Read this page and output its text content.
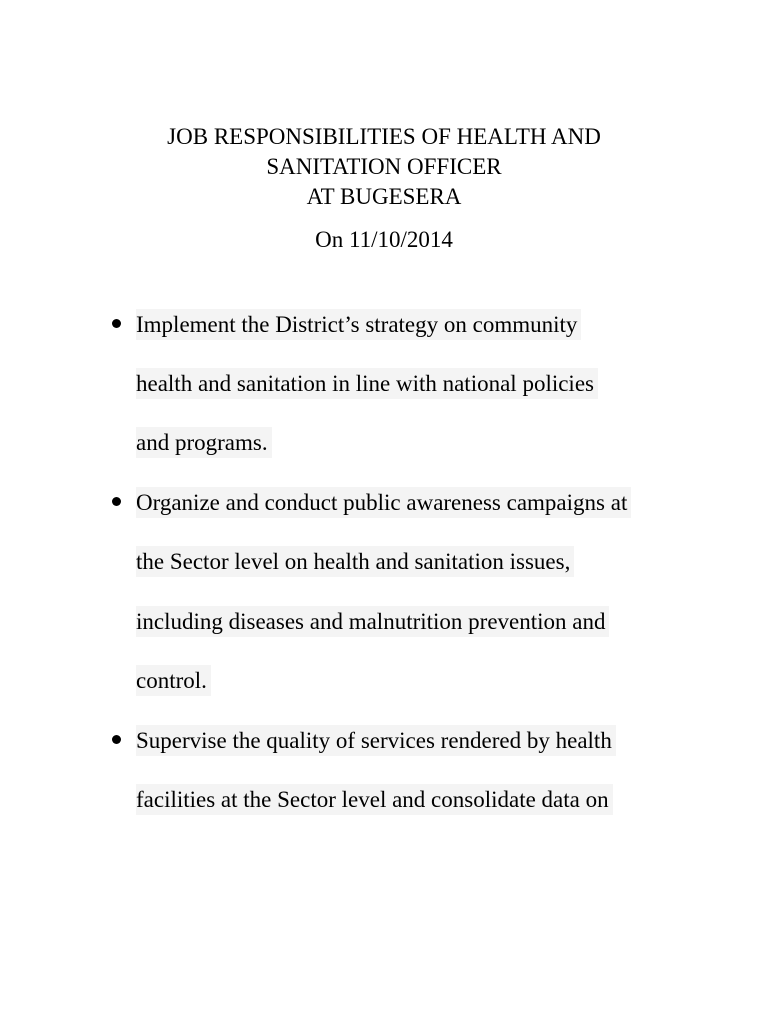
JOB RESPONSIBILITIES OF HEALTH AND
SANITATION OFFICER
AT BUGESERA
On 11/10/2014
Implement the District’s strategy on community
health and sanitation in line with national policies
and programs.
Organize and conduct public awareness campaigns at
the Sector level on health and sanitation issues,
including diseases and malnutrition prevention and
control.
Supervise the quality of services rendered by health
facilities at the Sector level and consolidate data on
